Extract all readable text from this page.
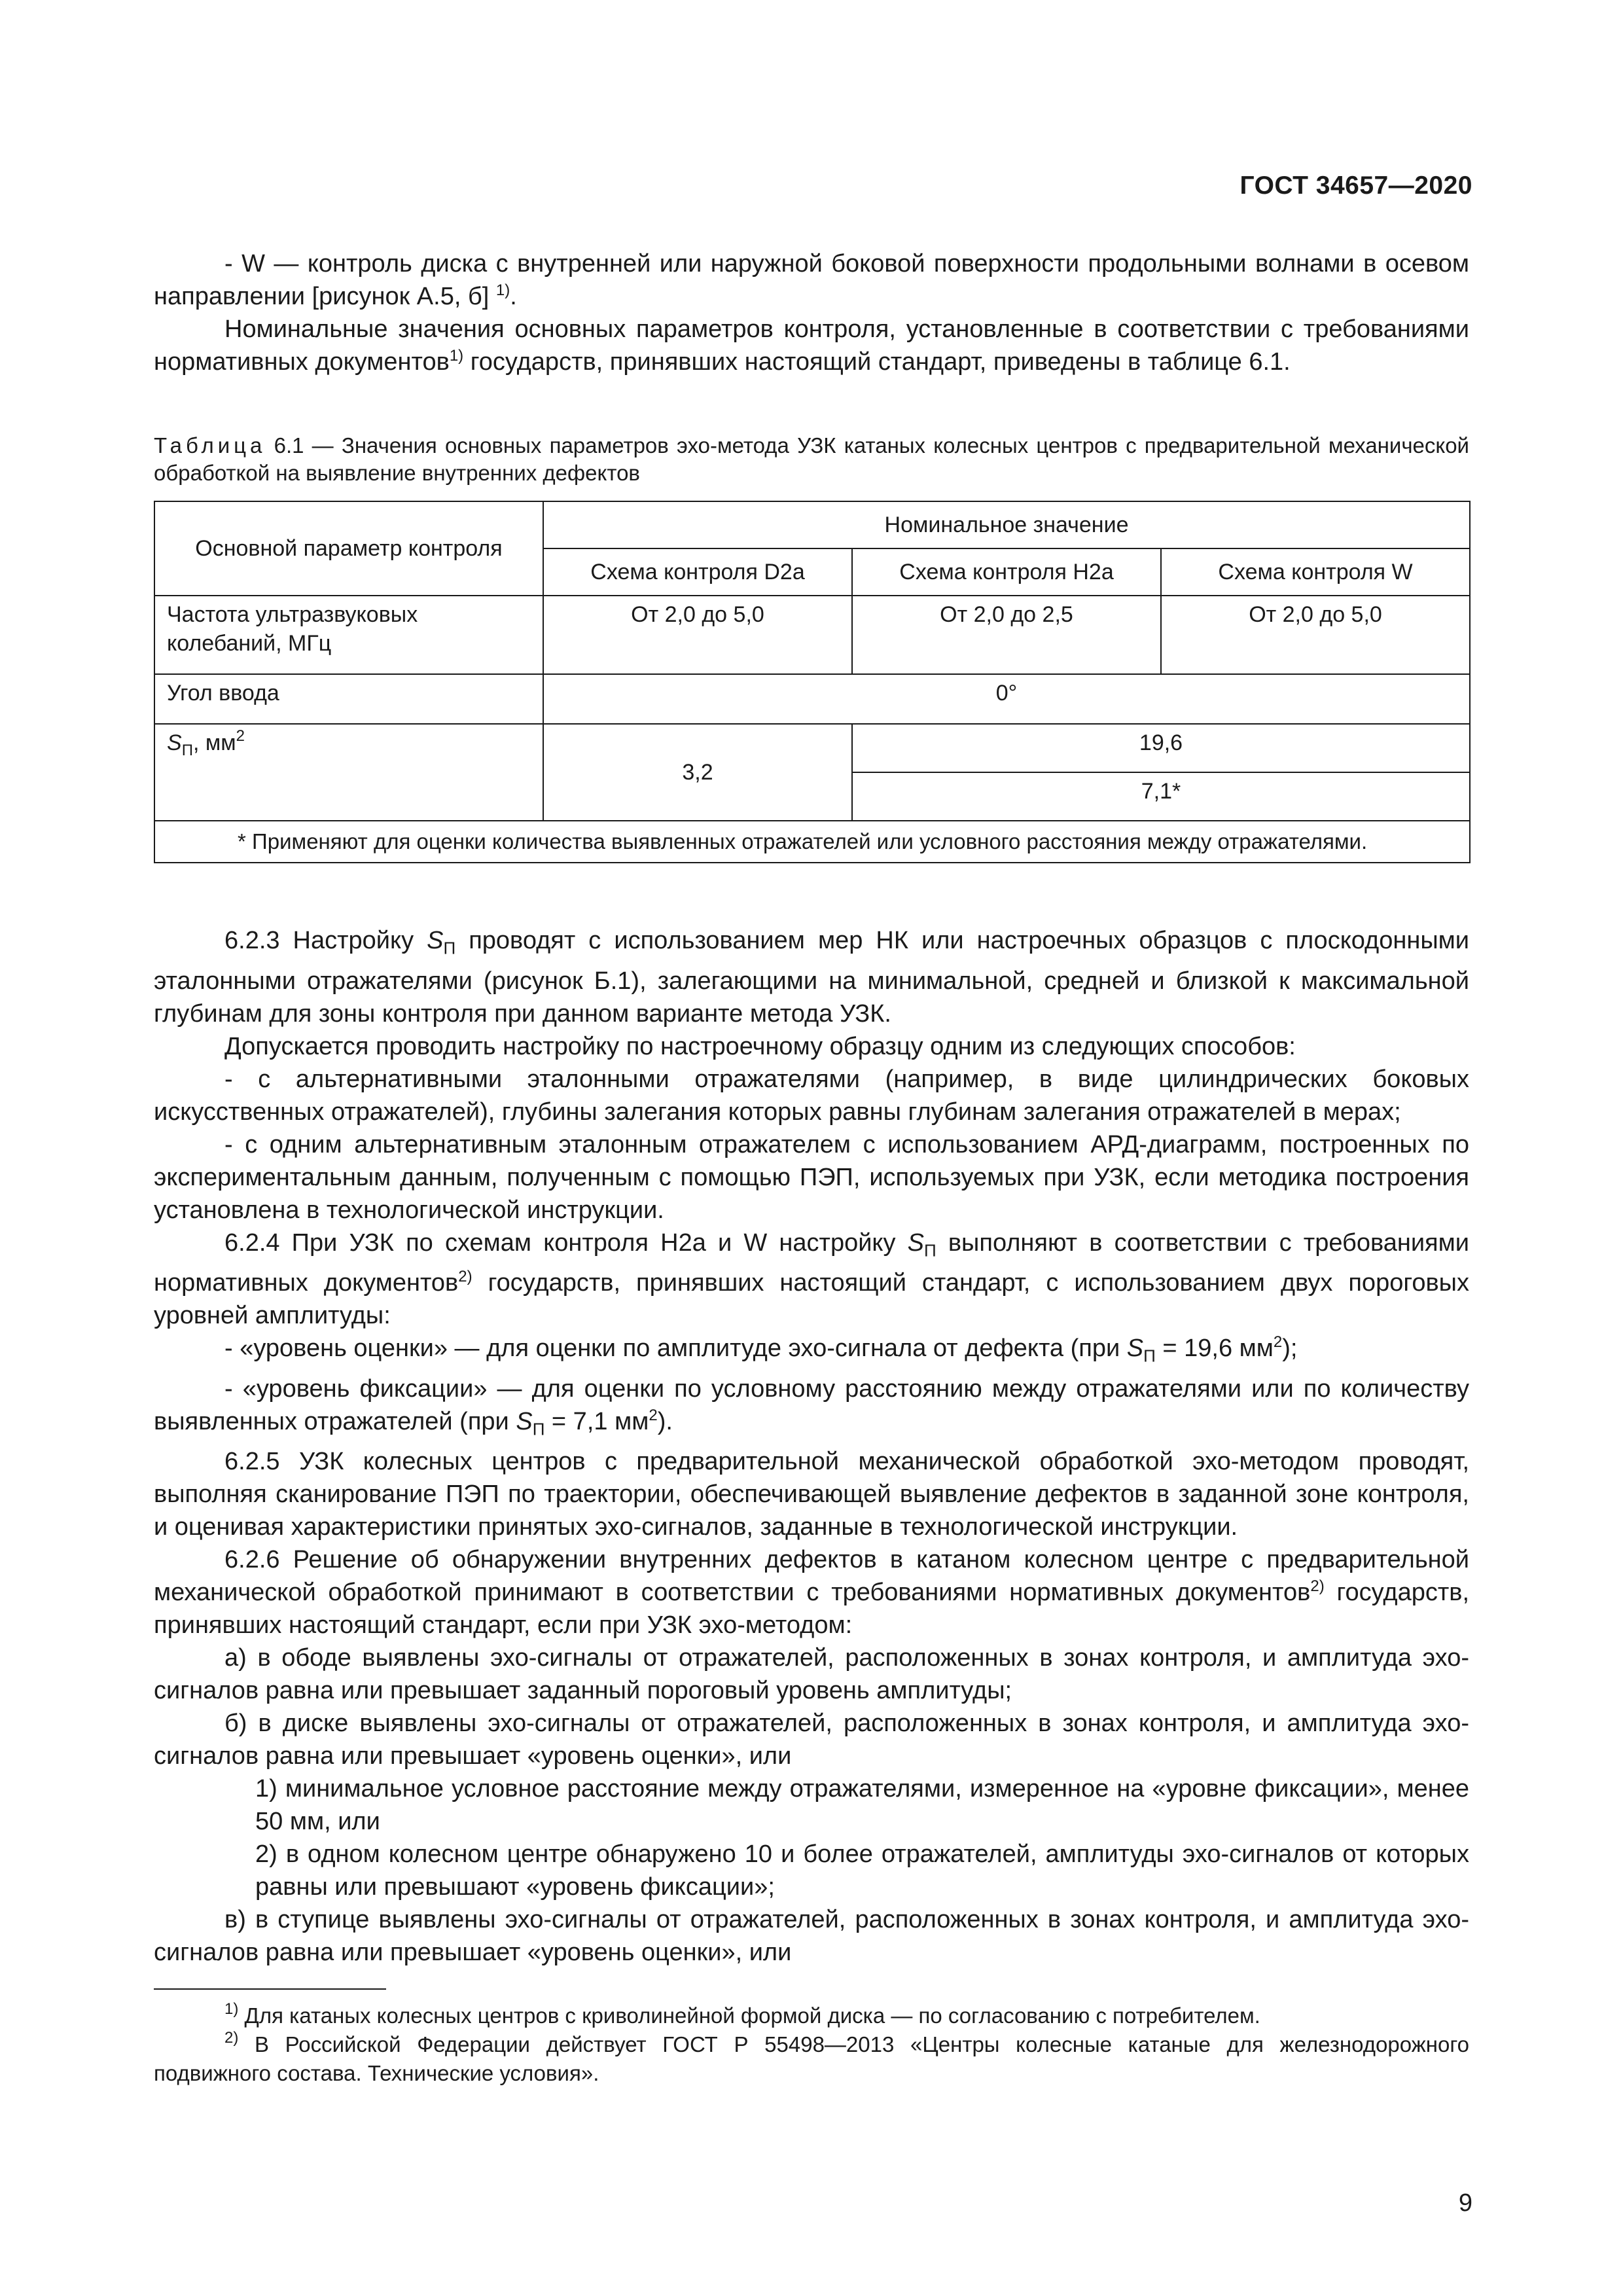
ГОСТ 34657—2020

- W — контроль диска с внутренней или наружной боковой поверхности продольными волнами в осевом направлении [рисунок А.5, б] $^{1)}$.

Номинальные значения основных параметров контроля, установленные в соответствии с требованиями нормативных документов$^{1)}$ государств, принявших настоящий стандарт, приведены в таблице 6.1.

Таблица 6.1 — Значения основных параметров эхо-метода УЗК катаных колесных центров с предварительной механической обработкой на выявление внутренних дефектов

Основной параметр контроля	Номинальное значение		
	Схема контроля D2a	Схема контроля H2a	Схема контроля W
Частота ультразвуковых колебаний, МГц	От 2,0 до 5,0	От 2,0 до 2,5	От 2,0 до 5,0
Угол ввода	0°		
$S_П$, $мм^2$	3,2	19,6	
		7,1*	
* Применяют для оценки количества выявленных отражателей или условного расстояния между отражателями.			

6.2.3 Настройку $S_П$ проводят с использованием мер НК или настроечных образцов с плоскодонными эталонными отражателями (рисунок Б.1), залегающими на минимальной, средней и близкой к максимальной глубинам для зоны контроля при данном варианте метода УЗК.

Допускается проводить настройку по настроечному образцу одним из следующих способов:

- с альтернативными эталонными отражателями (например, в виде цилиндрических боковых искусственных отражателей), глубины залегания которых равны глубинам залегания отражателей в мерах;

- с одним альтернативным эталонным отражателем с использованием АРД-диаграмм, построенных по экспериментальным данным, полученным с помощью ПЭП, используемых при УЗК, если методика построения установлена в технологической инструкции.

6.2.4 При УЗК по схемам контроля H2a и W настройку $S_П$ выполняют в соответствии с требованиями нормативных документов$^{2)}$ государств, принявших настоящий стандарт, с использованием двух пороговых уровней амплитуды:

- «уровень оценки» — для оценки по амплитуде эхо-сигнала от дефекта (при $S_П = 19,6$ $мм^2$);

- «уровень фиксации» — для оценки по условному расстоянию между отражателями или по количеству выявленных отражателей (при $S_П = 7,1$ $мм^2$).

6.2.5 УЗК колесных центров с предварительной механической обработкой эхо-методом проводят, выполняя сканирование ПЭП по траектории, обеспечивающей выявление дефектов в заданной зоне контроля, и оценивая характеристики принятых эхо-сигналов, заданные в технологической инструкции.

6.2.6 Решение об обнаружении внутренних дефектов в катаном колесном центре с предварительной механической обработкой принимают в соответствии с требованиями нормативных документов$^{2)}$ государств, принявших настоящий стандарт, если при УЗК эхо-методом:

а) в ободе выявлены эхо-сигналы от отражателей, расположенных в зонах контроля, и амплитуда эхо-сигналов равна или превышает заданный пороговый уровень амплитуды;

б) в диске выявлены эхо-сигналы от отражателей, расположенных в зонах контроля, и амплитуда эхо-сигналов равна или превышает «уровень оценки», или

1) минимальное условное расстояние между отражателями, измеренное на «уровне фиксации», менее 50 мм, или

2) в одном колесном центре обнаружено 10 и более отражателей, амплитуды эхо-сигналов от которых равны или превышают «уровень фиксации»;

в) в ступице выявлены эхо-сигналы от отражателей, расположенных в зонах контроля, и амплитуда эхо-сигналов равна или превышает «уровень оценки», или

$^{1)}$ Для катаных колесных центров с криволинейной формой диска — по согласованию с потребителем.

$^{2)}$ В Российской Федерации действует ГОСТ Р 55498—2013 «Центры колесные катаные для железнодорожного подвижного состава. Технические условия».

9
